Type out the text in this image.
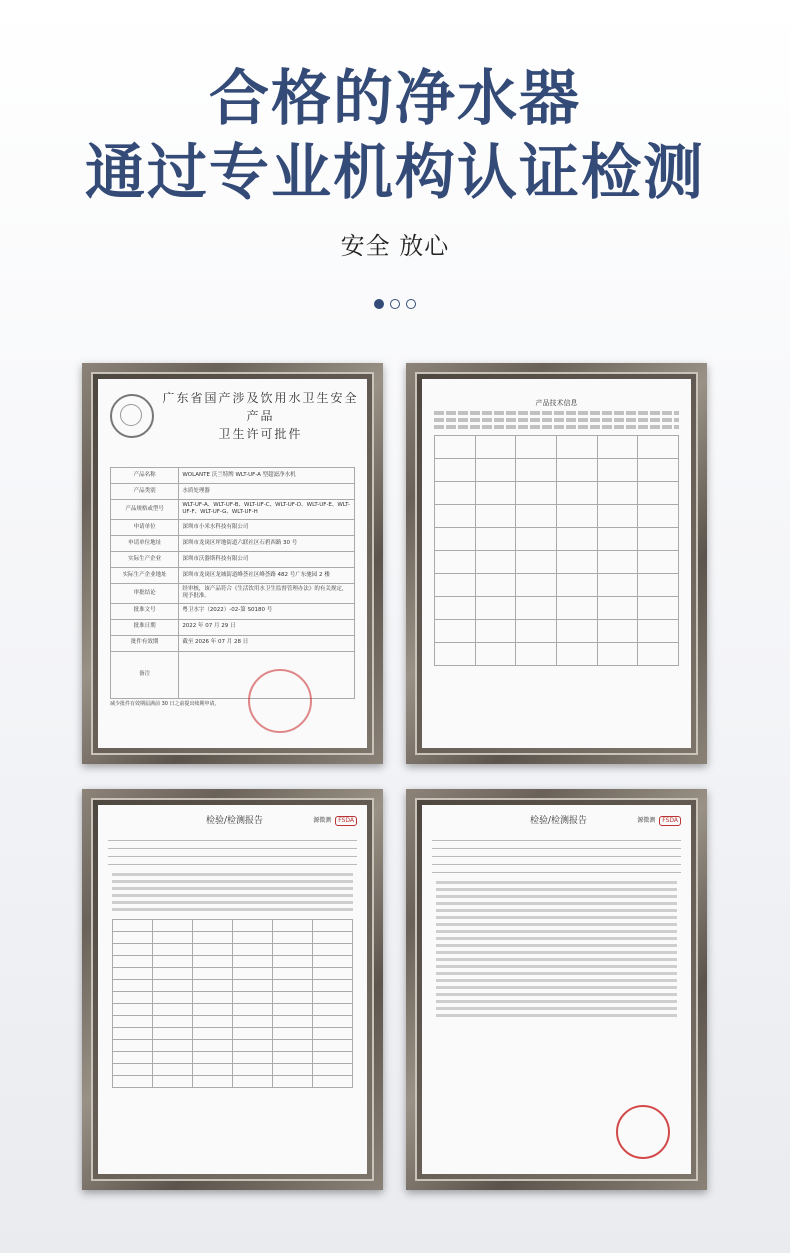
合格的净水器
通过专业机构认证检测
安全 放心
广东省国产涉及饮用水卫生安全产品
卫生许可批件
产品名称	WOLANTE 沃兰特牌 WLT-UF-A 型超滤净水机
产品类别	水质处理器
产品规格或型号	WLT-UF-A、WLT-UF-B、WLT-UF-C、WLT-UF-D、WLT-UF-E、WLT-UF-F、WLT-UF-G、WLT-UF-H
申请单位	深圳市小米水科技有限公司
申请单位地址	深圳市龙岗区坪地街道六联社区石碧西路 30 号
实际生产企业	深圳市沃器斯科技有限公司
实际生产企业地址	深圳市龙岗区龙城街道峰荟社区峰荟路 482 号广东驰园 2 楼
审批结论	经审核，该产品符合《生活饮用水卫生监督管理办法》的有关规定，现予批准。
批准文号	粤卫水字（2022）-02-第 S0180 号
批准日期	2022 年 07 月 29 日
批件有效期	截至 2026 年 07 月 28 日
备注	
减少批件有效期届满前 30 日之前提出续期申请。
产品技术信息

检验/检测报告	源微测	FSDA

						检验/检测报告	源微测	FSDA
